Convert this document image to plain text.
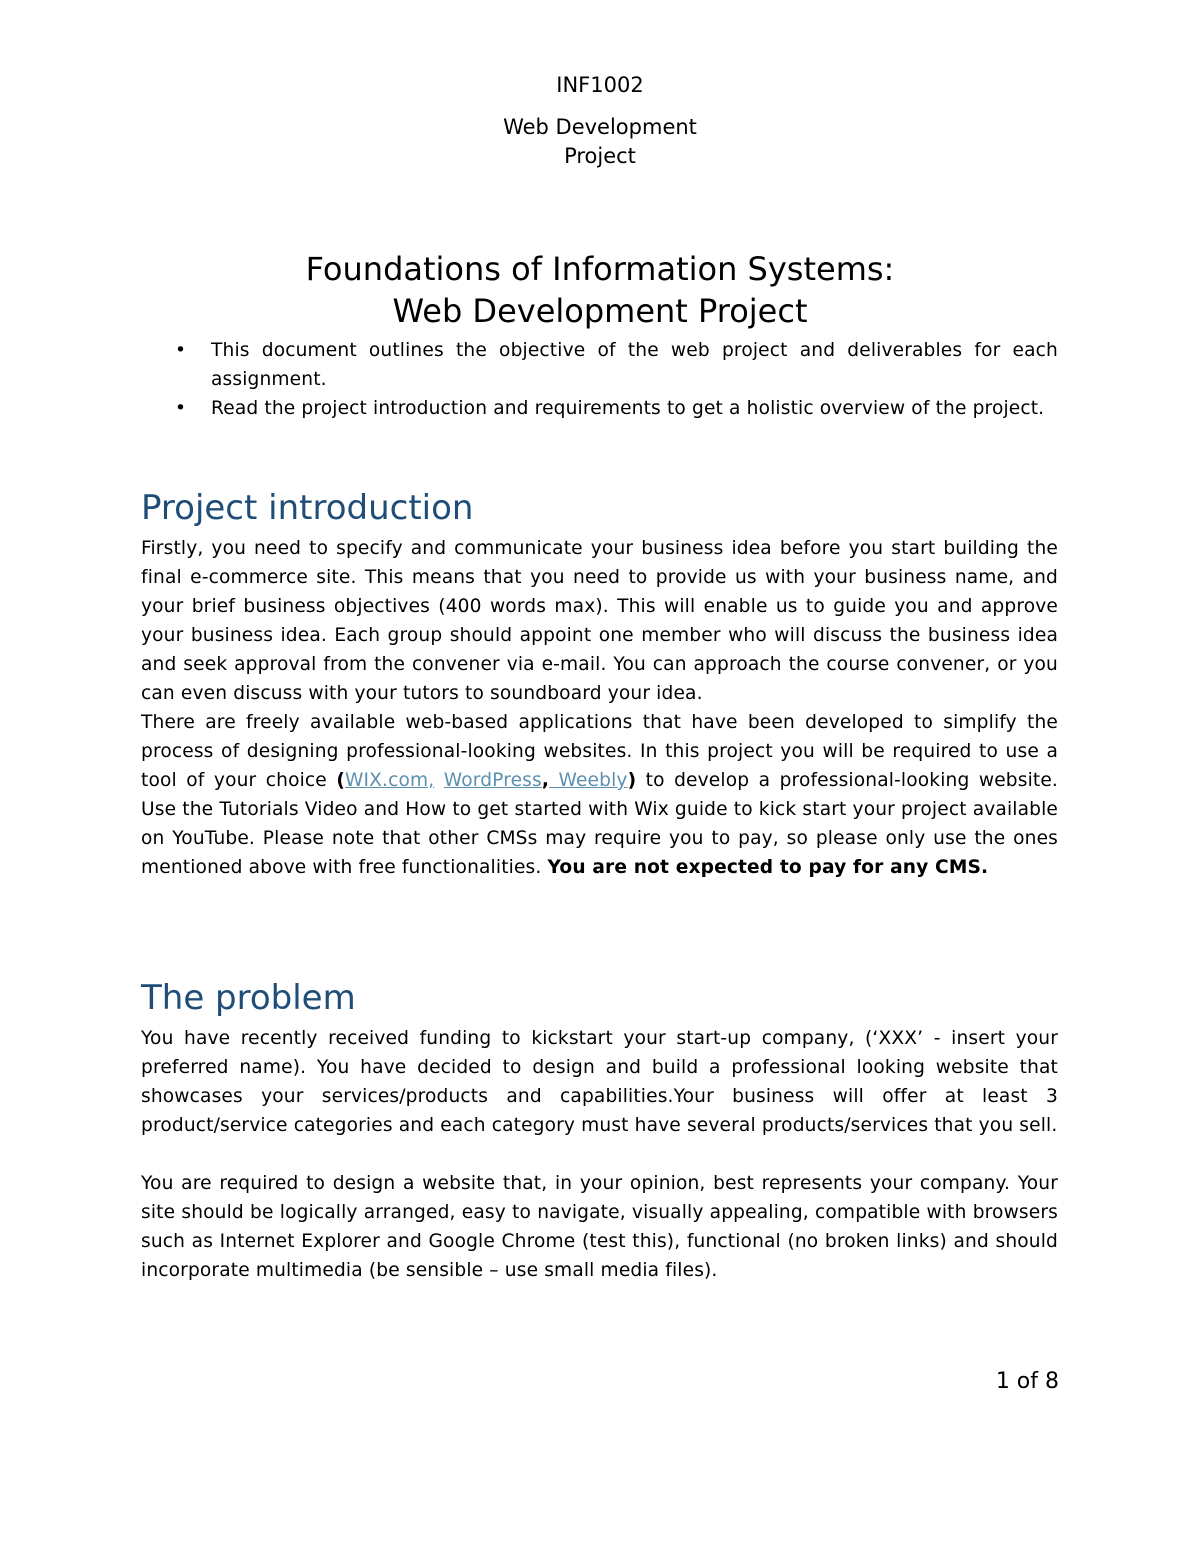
INF1002
Web Development
Project
Foundations of Information Systems:
Web Development Project
• This document outlines the objective of the web project and deliverables for each assignment.
• Read the project introduction and requirements to get a holistic overview of the project.
Project introduction

Firstly, you need to specify and communicate your business idea before you start building the final e-commerce site. This means that you need to provide us with your business name, and your brief business objectives (400 words max). This will enable us to guide you and approve your business idea. Each group should appoint one member who will discuss the business idea and seek approval from the convener via e-mail. You can approach the course convener, or you can even discuss with your tutors to soundboard your idea.

There are freely available web-based applications that have been developed to simplify the process of designing professional-looking websites. In this project you will be required to use a tool of your choice (WIX.com, WordPress, Weebly) to develop a professional-looking website. Use the Tutorials Video and How to get started with Wix guide to kick start your project available on YouTube. Please note that other CMSs may require you to pay, so please only use the ones mentioned above with free functionalities. You are not expected to pay for any CMS.

The problem

You have recently received funding to kickstart your start-up company, (‘XXX’ - insert your preferred name). You have decided to design and build a professional looking website that showcases your services/products and capabilities.Your business will offer at least 3 product/service categories and each category must have several products/services that you sell.

You are required to design a website that, in your opinion, best represents your company. Your site should be logically arranged, easy to navigate, visually appealing, compatible with browsers such as Internet Explorer and Google Chrome (test this), functional (no broken links) and should incorporate multimedia (be sensible – use small media files).

1 of 8
